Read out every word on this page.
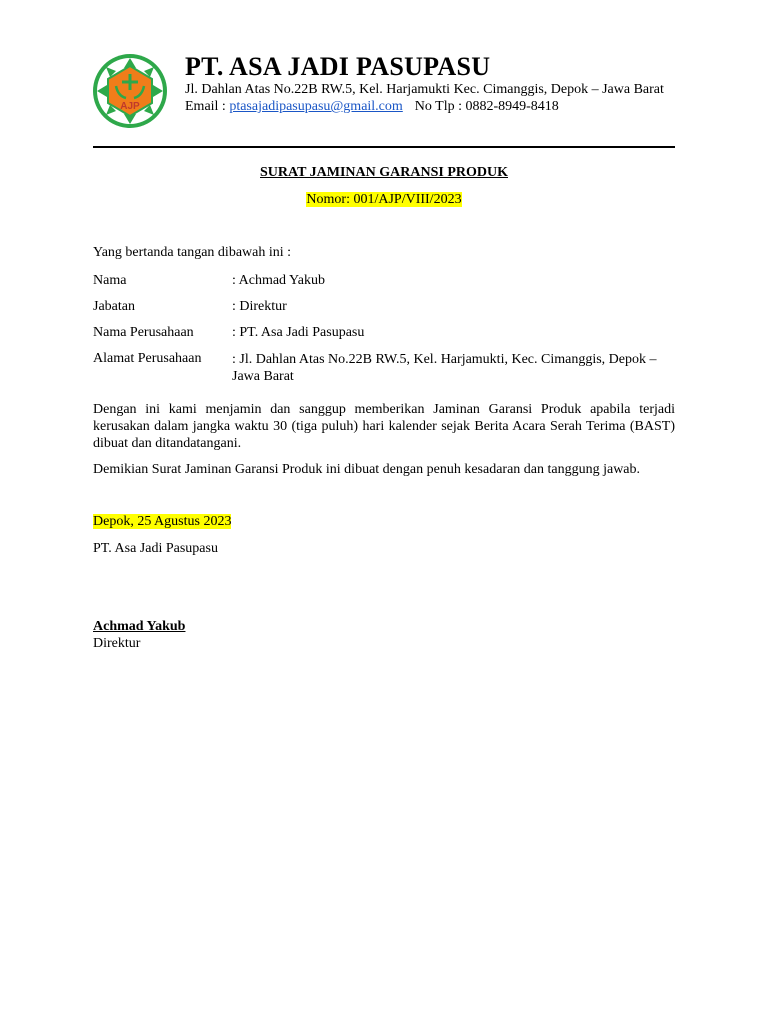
AJP
PT. ASA JADI PASUPASU
Jl. Dahlan Atas No.22B RW.5, Kel. Harjamukti Kec. Cimanggis, Depok – Jawa Barat
Email : ptasajadipasupasu@gmail.com No Tlp : 0882-8949-8418
SURAT JAMINAN GARANSI PRODUK
Nomor: 001/AJP/VIII/2023
Yang bertanda tangan dibawah ini :
Nama	: Achmad Yakub
Jabatan	: Direktur
Nama Perusahaan	: PT. Asa Jadi Pasupasu
Alamat Perusahaan : Jl. Dahlan Atas No.22B RW.5, Kel. Harjamukti, Kec. Cimanggis, Depok – Jawa Barat
Dengan ini kami menjamin dan sanggup memberikan Jaminan Garansi Produk apabila terjadi kerusakan dalam jangka waktu 30 (tiga puluh) hari kalender sejak Berita Acara Serah Terima (BAST) dibuat dan ditandatangani.
Demikian Surat Jaminan Garansi Produk ini dibuat dengan penuh kesadaran dan tanggung jawab.
Depok, 25 Agustus 2023
PT. Asa Jadi Pasupasu
Achmad Yakub
Direktur
